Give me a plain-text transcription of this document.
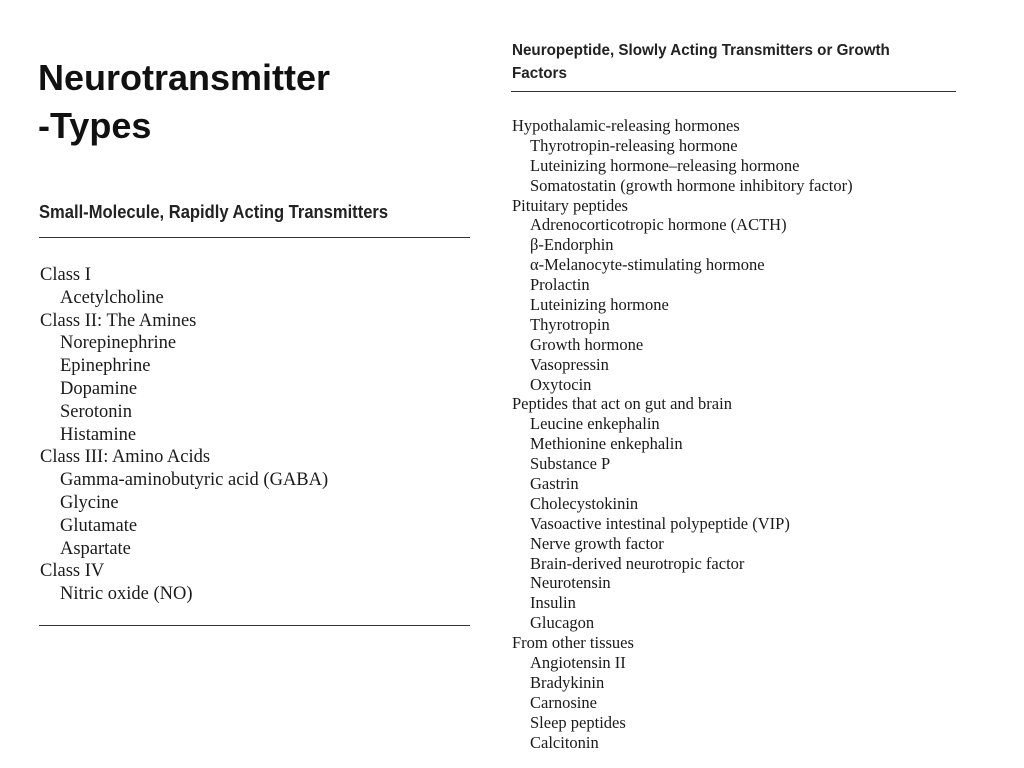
Neurotransmitter
-Types
Small-Molecule, Rapidly Acting Transmitters
Class I
Acetylcholine
Class II: The Amines
Norepinephrine
Epinephrine
Dopamine
Serotonin
Histamine
Class III: Amino Acids
Gamma-aminobutyric acid (GABA)
Glycine
Glutamate
Aspartate
Class IV
Nitric oxide (NO)
Neuropeptide, Slowly Acting Transmitters or Growth Factors
Hypothalamic-releasing hormones
Thyrotropin-releasing hormone
Luteinizing hormone–releasing hormone
Somatostatin (growth hormone inhibitory factor)
Pituitary peptides
Adrenocorticotropic hormone (ACTH)
β-Endorphin
α-Melanocyte-stimulating hormone
Prolactin
Luteinizing hormone
Thyrotropin
Growth hormone
Vasopressin
Oxytocin
Peptides that act on gut and brain
Leucine enkephalin
Methionine enkephalin
Substance P
Gastrin
Cholecystokinin
Vasoactive intestinal polypeptide (VIP)
Nerve growth factor
Brain-derived neurotropic factor
Neurotensin
Insulin
Glucagon
From other tissues
Angiotensin II
Bradykinin
Carnosine
Sleep peptides
Calcitonin
